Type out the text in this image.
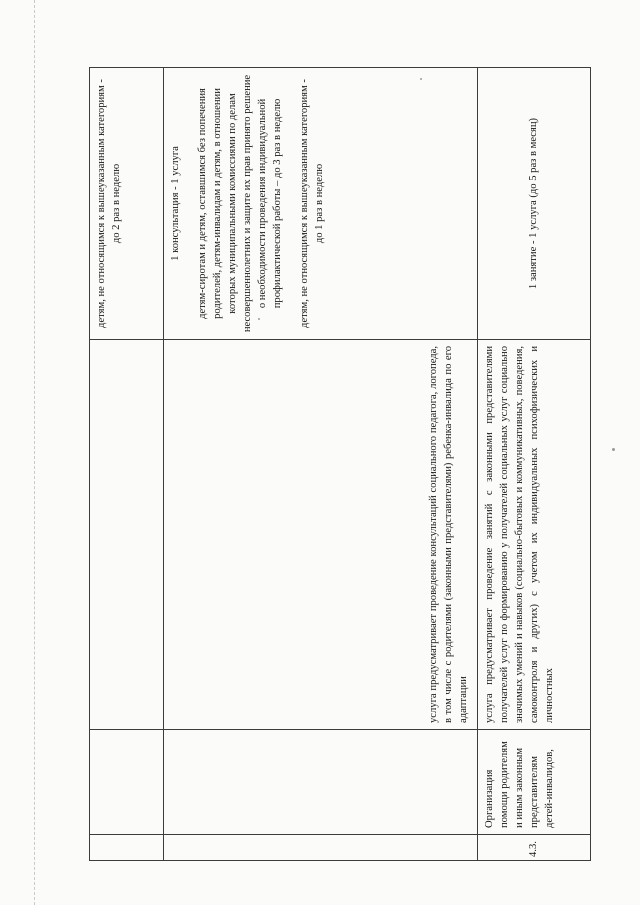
			детям, не относящимся к вышеуказанным категориям - до 2 раз в неделю

		услуга предусматривает проведение консультаций социального педагога, логопеда, в том числе с родителями (законными представителями) ребенка-инвалида по его адаптации	1 консультация - 1 услуга детям-сиротам и детям, оставшимся без попечения родителей, детям-инвалидам и детям, в отношении которых муниципальными комиссиями по делам несовершеннолетних и защите их прав принято решение о необходимости проведения индивидуальной профилактической работы – до 3 раз в неделю детям, не относящимся к вышеуказанным категориям - до 1 раз в неделю

4.3.	Организация помощи родителям и иным законным представителям детей-инвалидов,	услуга предусматривает проведение занятий с законными представителями получателей услуг по формированию у получателей социальных услуг социально значимых умений и навыков (социально-бытовых и коммуникативных, поведения, самоконтроля и других) с учетом их индивидуальных психофизических и личностных	1 занятие - 1 услуга (до 5 раз в месяц)
